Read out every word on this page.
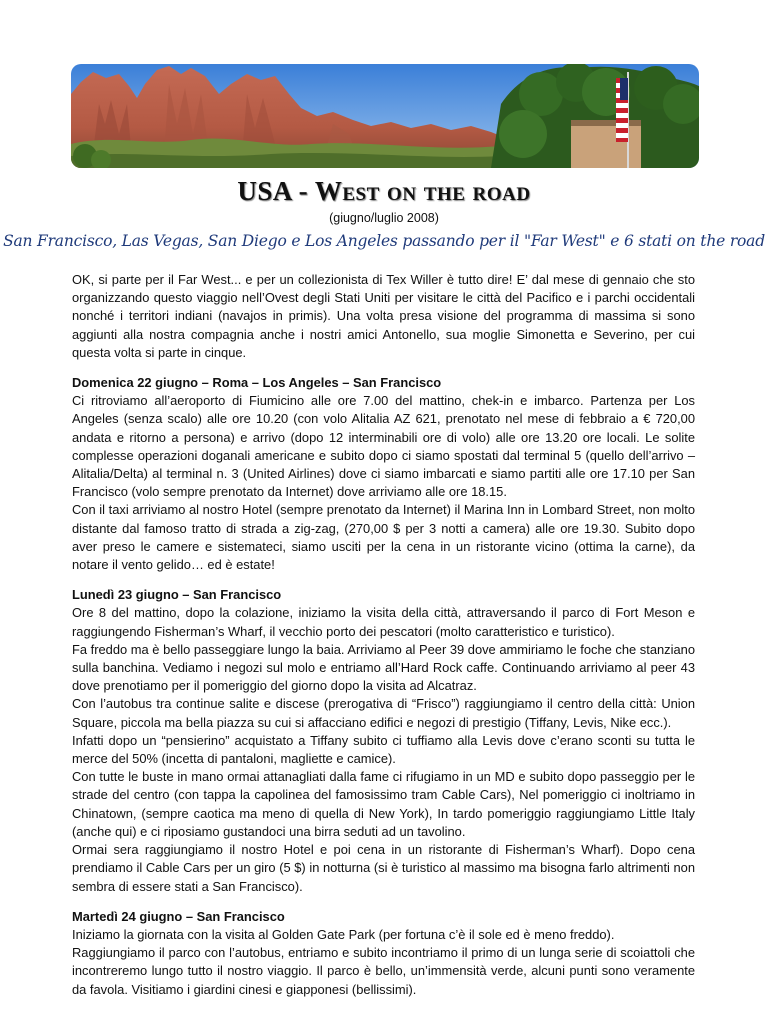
USA - West on the road
(giugno/luglio 2008)
San Francisco, Las Vegas, San Diego e Los Angeles passando per il "Far West" e 6 stati on the road

OK, si parte per il Far West... e per un collezionista di Tex Willer è tutto dire! E’ dal mese di gennaio che sto organizzando questo viaggio nell’Ovest degli Stati Uniti per visitare le città del Pacifico e i parchi occidentali nonché i territori indiani (navajos in primis). Una volta presa visione del programma di massima si sono aggiunti alla nostra compagnia anche i nostri amici Antonello, sua moglie Simonetta e Severino, per cui questa volta si parte in cinque.

Domenica 22 giugno – Roma – Los Angeles – San Francisco
Ci ritroviamo all’aeroporto di Fiumicino alle ore 7.00 del mattino, chek-in e imbarco. Partenza per Los Angeles (senza scalo) alle ore 10.20 (con volo Alitalia AZ 621, prenotato nel mese di febbraio a € 720,00 andata e ritorno a persona) e arrivo (dopo 12 interminabili ore di volo) alle ore 13.20 ore locali. Le solite complesse operazioni doganali americane e subito dopo ci siamo spostati dal terminal 5 (quello dell’arrivo – Alitalia/Delta) al terminal n. 3 (United Airlines) dove ci siamo imbarcati e siamo partiti alle ore 17.10 per San Francisco (volo sempre prenotato da Internet) dove arriviamo alle ore 18.15.
Con il taxi arriviamo al nostro Hotel (sempre prenotato da Internet) il Marina Inn in Lombard Street, non molto distante dal famoso tratto di strada a zig-zag, (270,00 $ per 3 notti a camera) alle ore 19.30. Subito dopo aver preso le camere e sistemateci, siamo usciti per la cena in un ristorante vicino (ottima la carne), da notare il vento gelido… ed è estate!

Lunedì 23 giugno – San Francisco
Ore 8 del mattino, dopo la colazione, iniziamo la visita della città, attraversando il parco di Fort Meson e raggiungendo Fisherman’s Wharf, il vecchio porto dei pescatori (molto caratteristico e turistico).
Fa freddo ma è bello passeggiare lungo la baia. Arriviamo al Peer 39 dove ammiriamo le foche che stanziano sulla banchina. Vediamo i negozi sul molo e entriamo all’Hard Rock caffe. Continuando arriviamo al peer 43 dove prenotiamo per il pomeriggio del giorno dopo la visita ad Alcatraz.
Con l’autobus tra continue salite e discese (prerogativa di “Frisco”) raggiungiamo il centro della città: Union Square, piccola ma bella piazza su cui si affacciano edifici e negozi di prestigio (Tiffany, Levis, Nike ecc.).
Infatti dopo un “pensierino” acquistato a Tiffany subito ci tuffiamo alla Levis dove c’erano sconti su tutta le merce del 50% (incetta di pantaloni, magliette e camice).
Con tutte le buste in mano ormai attanagliati dalla fame ci rifugiamo in un MD e subito dopo passeggio per le strade del centro (con tappa la capolinea del famosissimo tram Cable Cars), Nel pomeriggio ci inoltriamo in Chinatown, (sempre caotica ma meno di quella di New York), In tardo pomeriggio raggiungiamo Little Italy (anche qui) e ci riposiamo gustandoci una birra seduti ad un tavolino.
Ormai sera raggiungiamo il nostro Hotel e poi cena in un ristorante di Fisherman’s Wharf). Dopo cena prendiamo il Cable Cars per un giro (5 $) in notturna (si è turistico al massimo ma bisogna farlo altrimenti non sembra di essere stati a San Francisco).

Martedì 24 giugno – San Francisco
Iniziamo la giornata con la visita al Golden Gate Park (per fortuna c’è il sole ed è meno freddo).
Raggiungiamo il parco con l’autobus, entriamo e subito incontriamo il primo di un lunga serie di scoiattoli che incontreremo lungo tutto il nostro viaggio. Il parco è bello, un’immensità verde, alcuni punti sono veramente da favola. Visitiamo i giardini cinesi e giapponesi (bellissimi).
